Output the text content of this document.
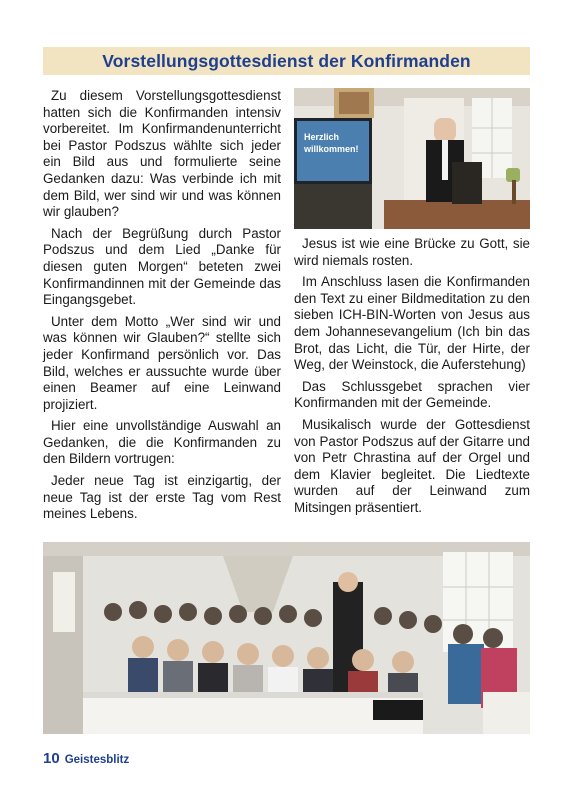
Vorstellungsgottesdienst der Konfirmanden

Zu diesem Vorstellungsgottesdienst hatten sich die Konfirmanden intensiv vorbereitet. Im Konfirmandenunterricht bei Pastor Podszus wählte sich jeder ein Bild aus und formulierte seine Gedanken dazu: Was verbinde ich mit dem Bild, wer sind wir und was können wir glauben?

Nach der Begrüßung durch Pastor Podszus und dem Lied „Danke für diesen guten Morgen“ beteten zwei Konfirmandinnen mit der Gemeinde das Eingangsgebet.

Unter dem Motto „Wer sind wir und was können wir Glauben?“ stellte sich jeder Konfirmand persönlich vor. Das Bild, welches er aussuchte wurde über einen Beamer auf eine Leinwand projiziert.

Hier eine unvollständige Auswahl an Gedanken, die die Konfirmanden zu den Bildern vortrugen:

Jeder neue Tag ist einzigartig, der neue Tag ist der erste Tag vom Rest meines Lebens.

Herzlich
willkommen!

Jesus ist wie eine Brücke zu Gott, sie wird niemals rosten.

Im Anschluss lasen die Konfirmanden den Text zu einer Bildmeditation zu den sieben ICH-BIN-Worten von Jesus aus dem Johannesevangelium (Ich bin das Brot, das Licht, die Tür, der Hirte, der Weg, der Weinstock, die Auferstehung)

Das Schlussgebet sprachen vier Konfirmanden mit der Gemeinde.

Musikalisch wurde der Gottesdienst von Pastor Podszus auf der Gitarre und von Petr Chrastina auf der Orgel und dem Klavier begleitet. Die Liedtexte wurden auf der Leinwand zum Mitsingen präsentiert.

10 Geistesblitz
